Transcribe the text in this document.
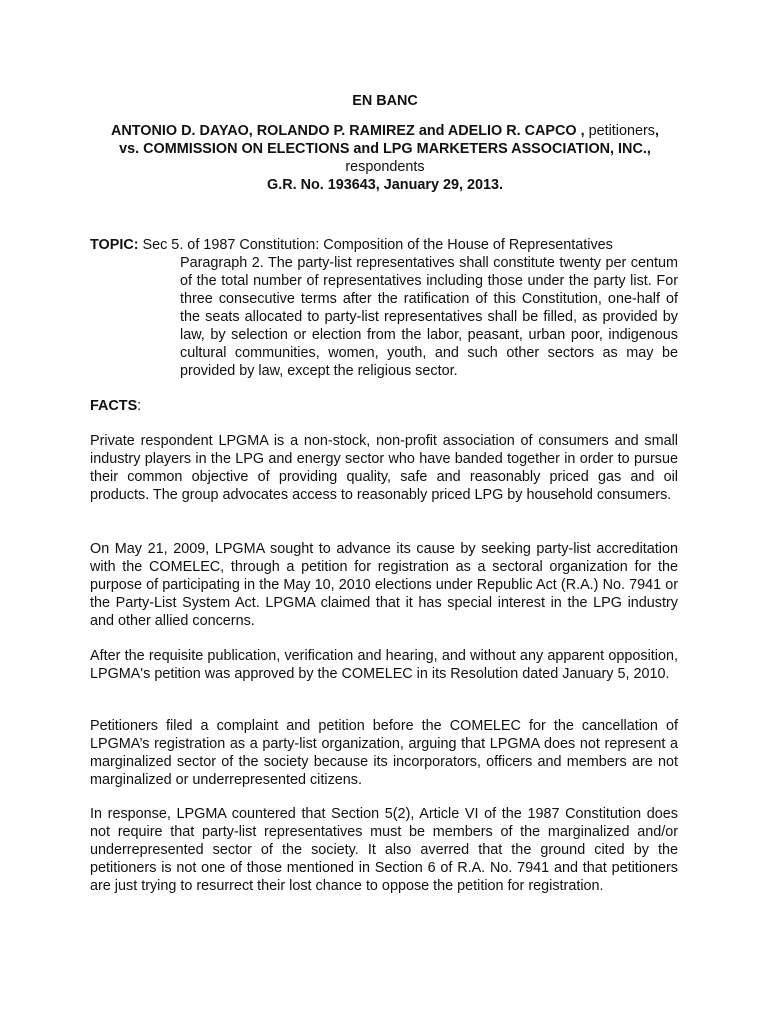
EN BANC
ANTONIO D. DAYAO, ROLANDO P. RAMIREZ and ADELIO R. CAPCO , petitioners,
vs. COMMISSION ON ELECTIONS and LPG MARKETERS ASSOCIATION, INC.,
respondents
G.R. No. 193643, January 29, 2013.
TOPIC: Sec 5. of 1987 Constitution: Composition of the House of Representatives
Paragraph 2. The party-list representatives shall constitute twenty per centum of the total number of representatives including those under the party list. For three consecutive terms after the ratification of this Constitution, one-half of the seats allocated to party-list representatives shall be filled, as provided by law, by selection or election from the labor, peasant, urban poor, indigenous cultural communities, women, youth, and such other sectors as may be provided by law, except the religious sector.
FACTS:
Private respondent LPGMA is a non-stock, non-profit association of consumers and small industry players in the LPG and energy sector who have banded together in order to pursue their common objective of providing quality, safe and reasonably priced gas and oil products. The group advocates access to reasonably priced LPG by household consumers.
On May 21, 2009, LPGMA sought to advance its cause by seeking party-list accreditation with the COMELEC, through a petition for registration as a sectoral organization for the purpose of participating in the May 10, 2010 elections under Republic Act (R.A.) No. 7941 or the Party-List System Act. LPGMA claimed that it has special interest in the LPG industry and other allied concerns.
After the requisite publication, verification and hearing, and without any apparent opposition, LPGMA's petition was approved by the COMELEC in its Resolution dated January 5, 2010.
Petitioners filed a complaint and petition before the COMELEC for the cancellation of LPGMA’s registration as a party-list organization, arguing that LPGMA does not represent a marginalized sector of the society because its incorporators, officers and members are not marginalized or underrepresented citizens.
In response, LPGMA countered that Section 5(2), Article VI of the 1987 Constitution does not require that party-list representatives must be members of the marginalized and/or underrepresented sector of the society. It also averred that the ground cited by the petitioners is not one of those mentioned in Section 6 of R.A. No. 7941 and that petitioners are just trying to resurrect their lost chance to oppose the petition for registration.
